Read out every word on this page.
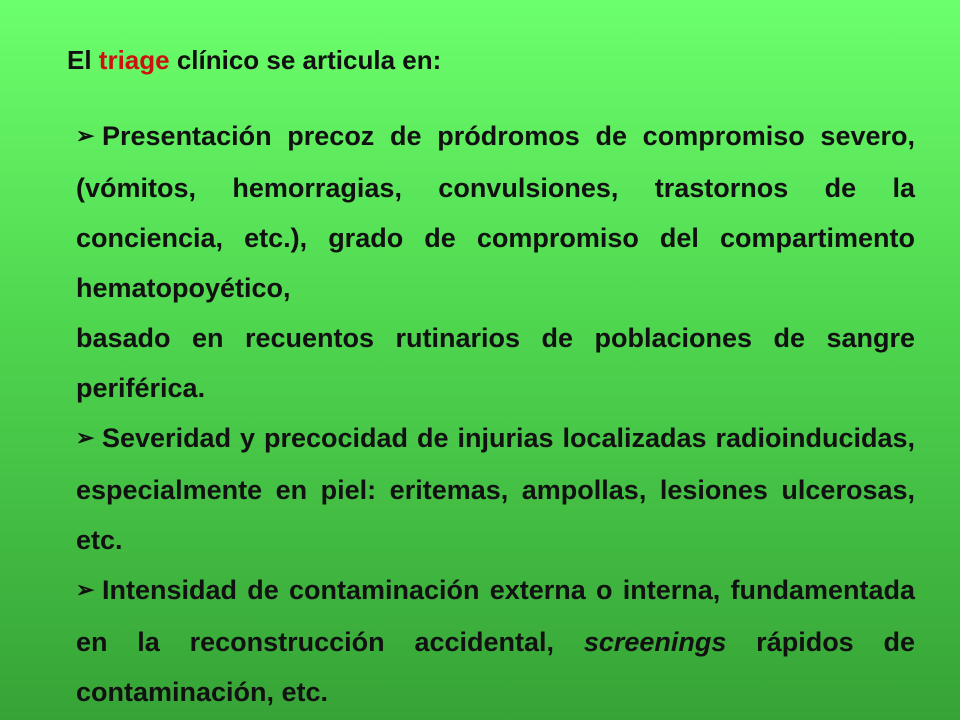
El triage clínico se articula en:

➢ Presentación precoz de pródromos de compromiso severo, (vómitos, hemorragias, convulsiones, trastornos de la conciencia, etc.), grado de compromiso del compartimento hematopoyético,

basado en recuentos rutinarios de poblaciones de sangre periférica.

➢ Severidad y precocidad de injurias localizadas radioinducidas, especialmente en piel: eritemas, ampollas, lesiones ulcerosas, etc.

➢ Intensidad de contaminación externa o interna, fundamentada en la reconstrucción accidental, screenings rápidos de contaminación, etc.
